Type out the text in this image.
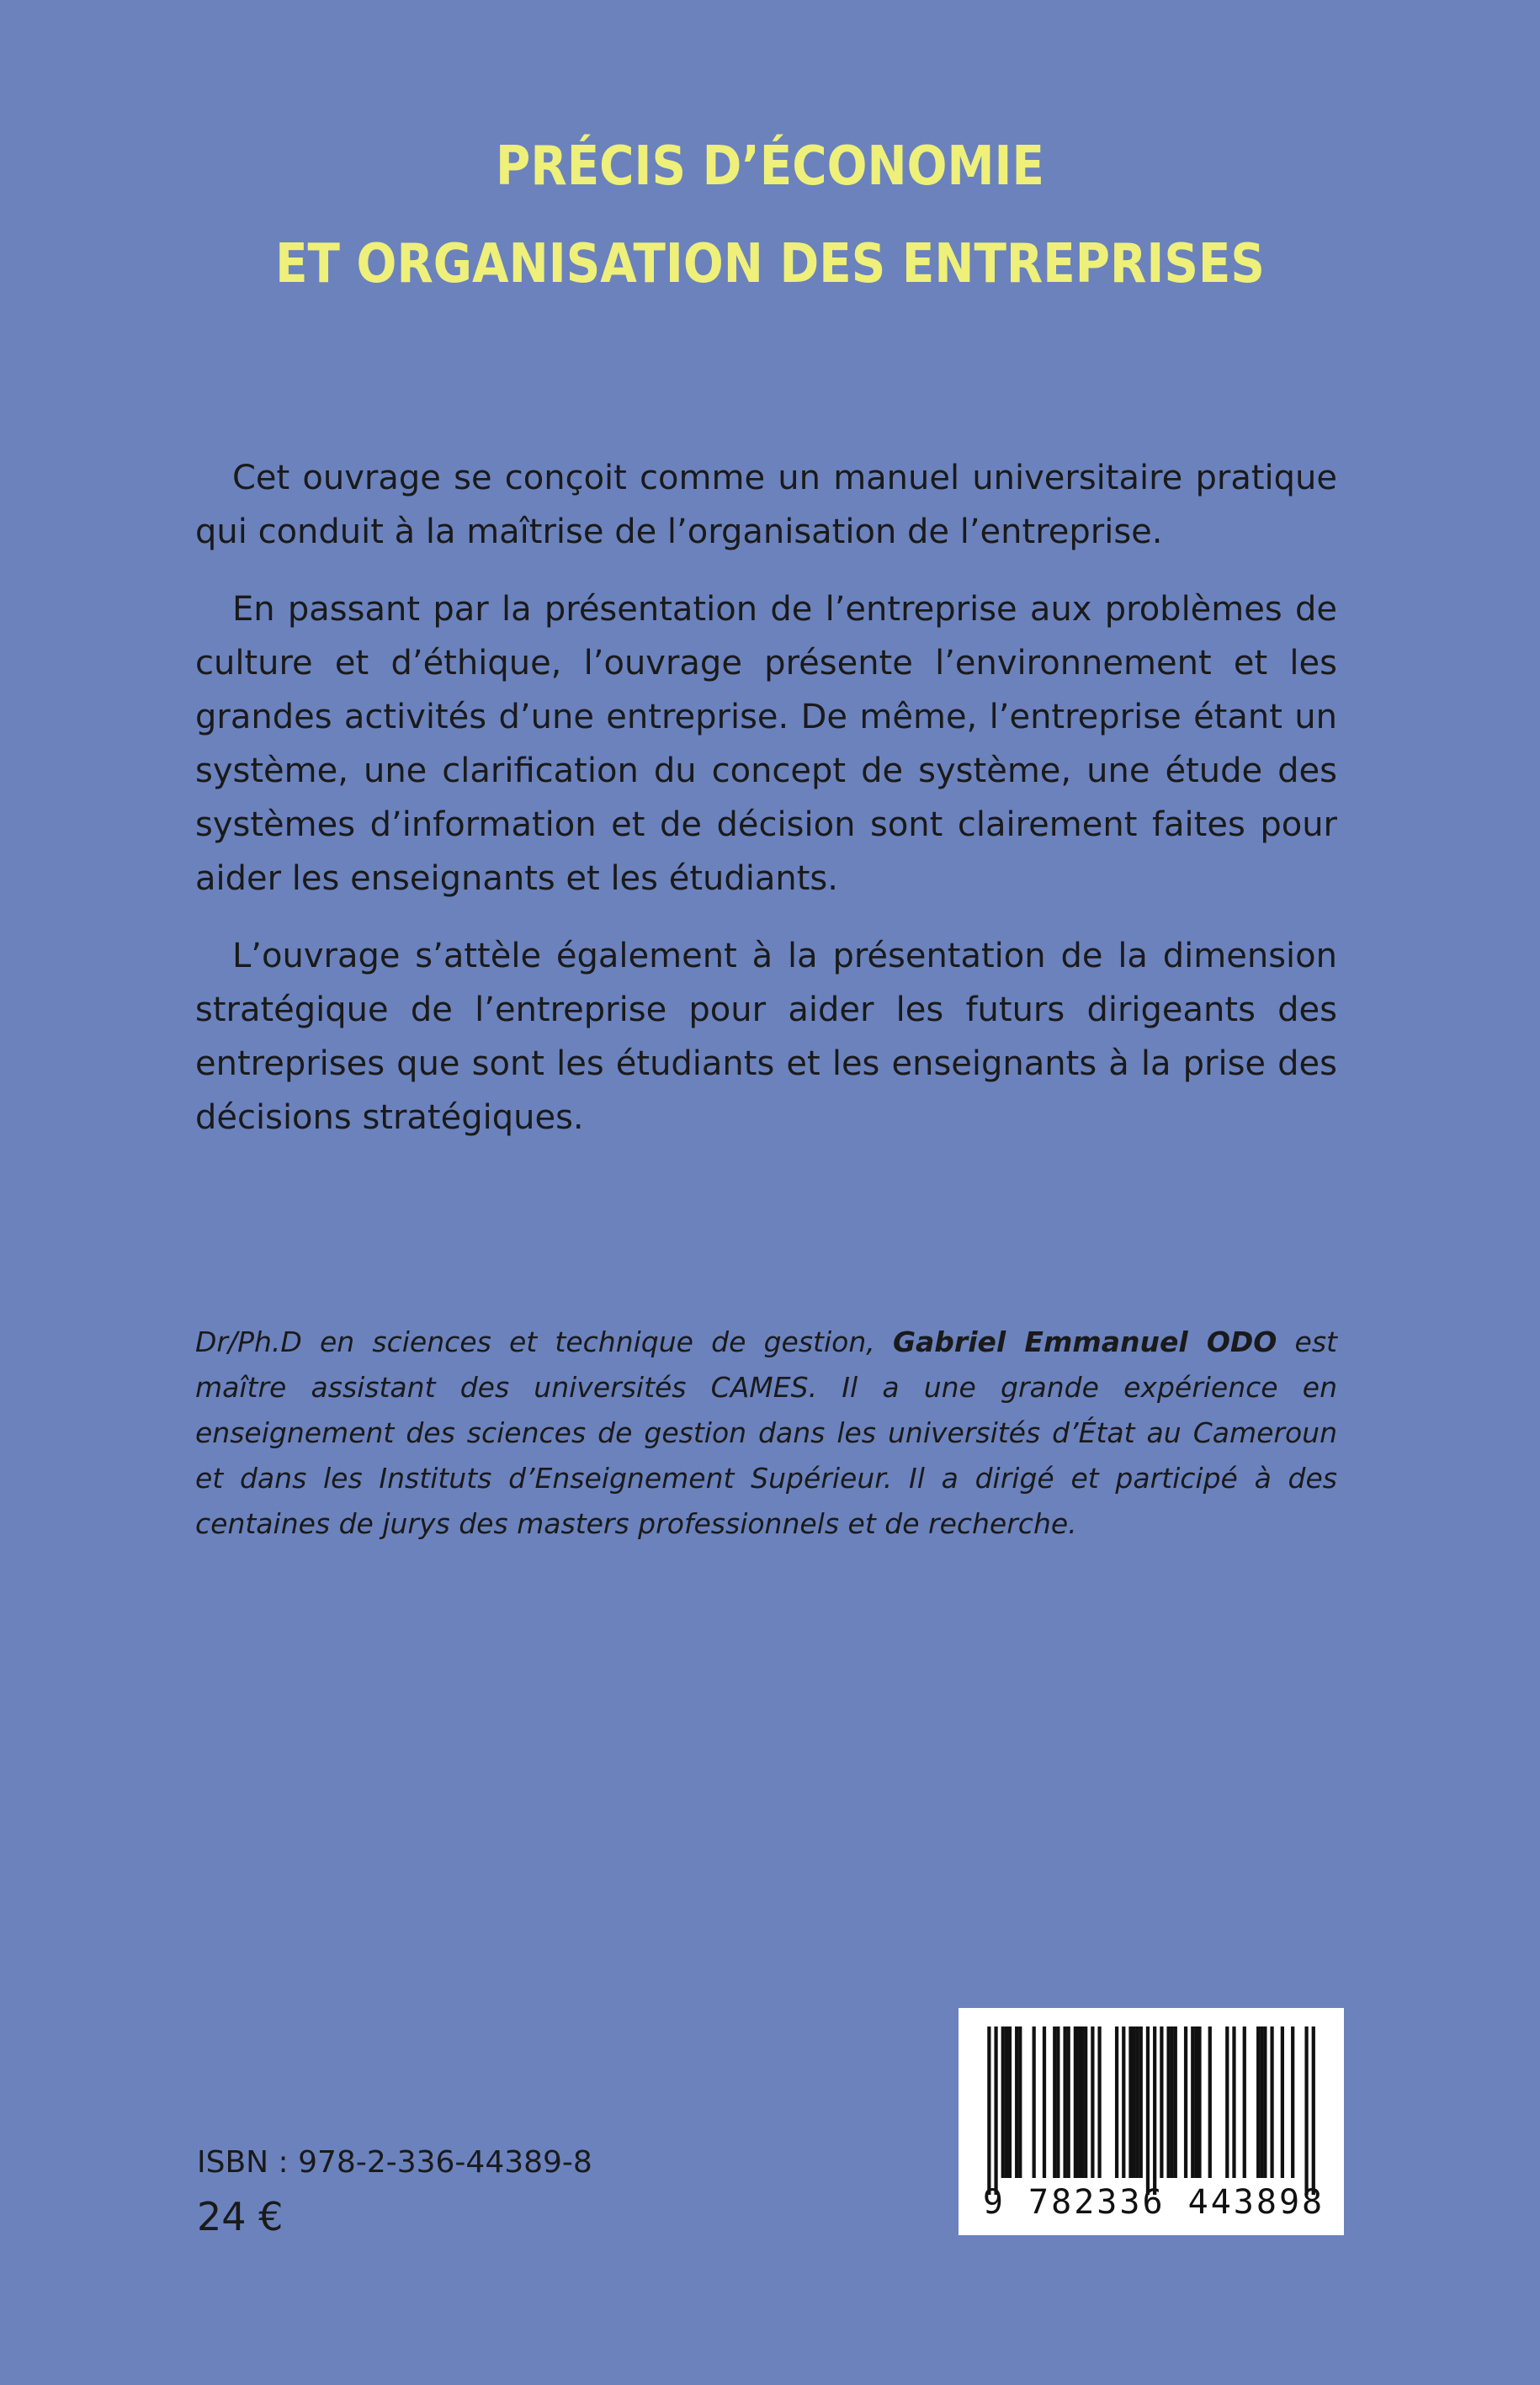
PRÉCIS D’ÉCONOMIE
ET ORGANISATION DES ENTREPRISES

Cet ouvrage se conçoit comme un manuel universitaire pratique qui conduit à la maîtrise de l’organisation de l’entreprise.

En passant par la présentation de l’entreprise aux problèmes de culture et d’éthique, l’ouvrage présente l’environnement et les grandes activités d’une entreprise. De même, l’entreprise étant un système, une clarification du concept de système, une étude des systèmes d’information et de décision sont clairement faites pour aider les enseignants et les étudiants.

L’ouvrage s’attèle également à la présentation de la dimension stratégique de l’entreprise pour aider les futurs dirigeants des entreprises que sont les étudiants et les enseignants à la prise des décisions stratégiques.

Dr/Ph.D en sciences et technique de gestion, Gabriel Emmanuel ODO est maître assistant des universités CAMES. Il a une grande expérience en enseignement des sciences de gestion dans les universités d’État au Cameroun et dans les Instituts d’Enseignement Supérieur. Il a dirigé et participé à des centaines de jurys des masters professionnels et de recherche.
ISBN : 978-2-336-44389-8
24 €	9 782336 443898
